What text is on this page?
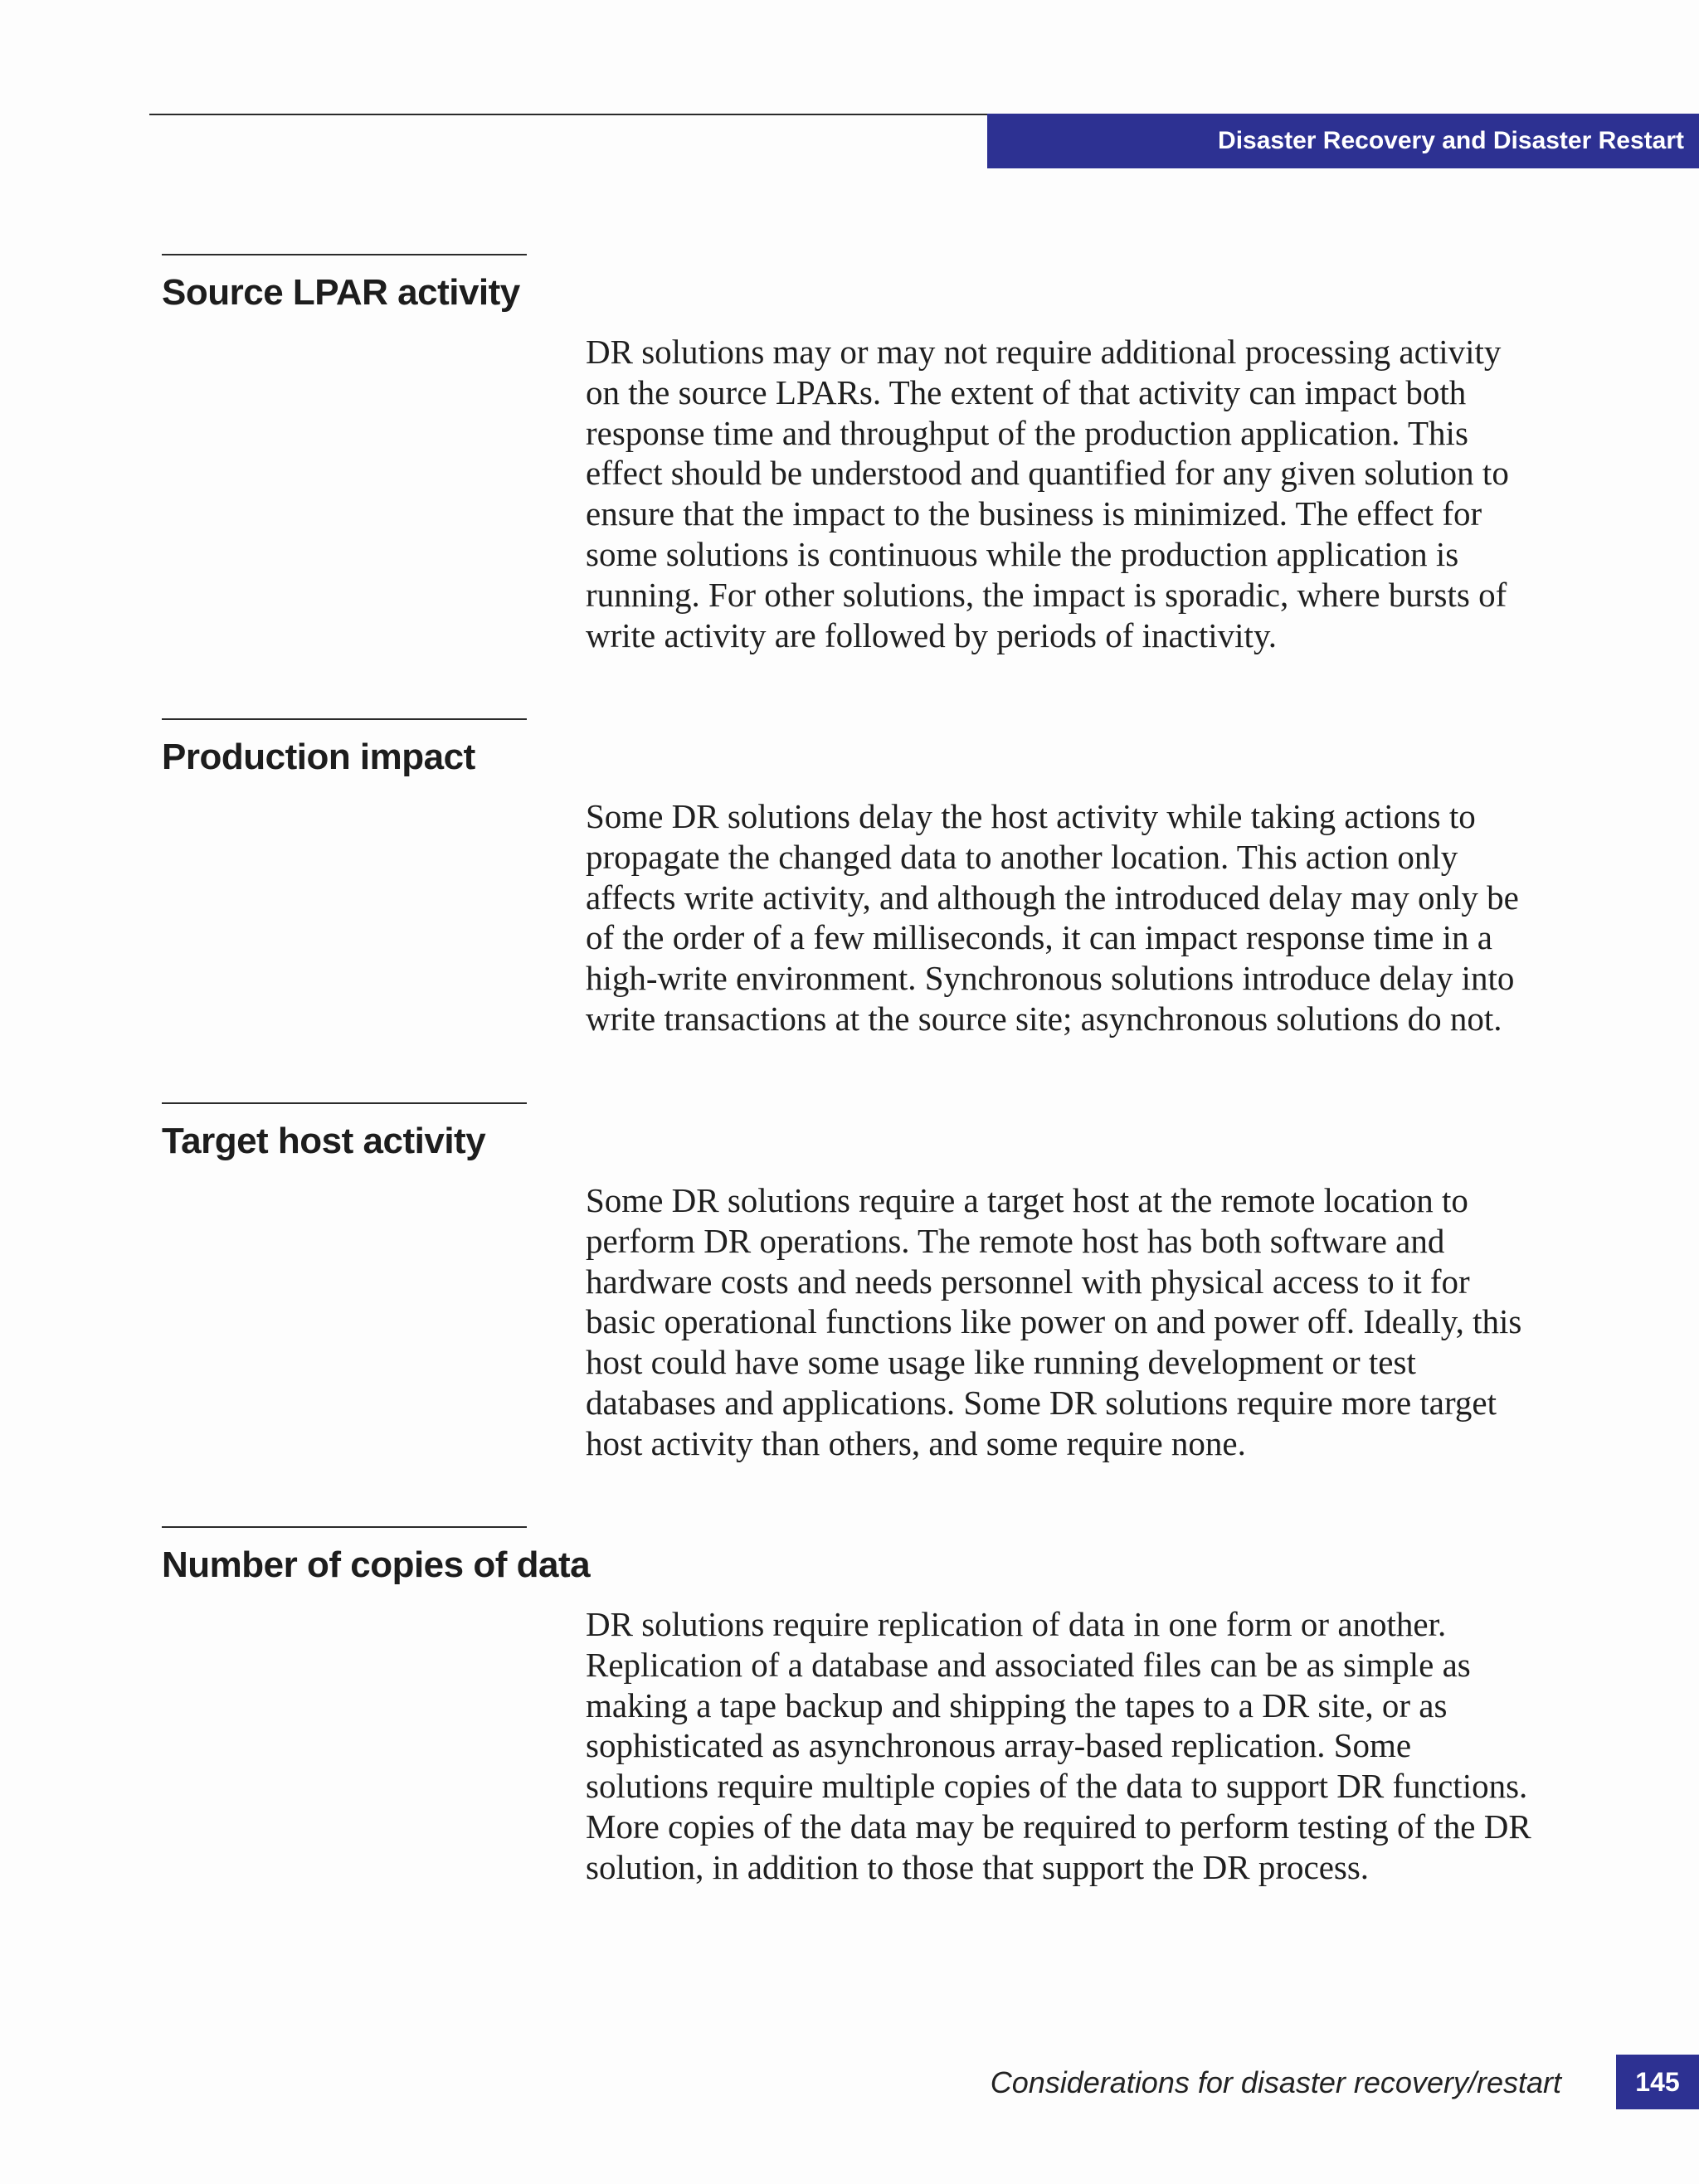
Disaster Recovery and Disaster Restart
Source LPAR activity

DR solutions may or may not require additional processing activity
on the source LPARs. The extent of that activity can impact both
response time and throughput of the production application. This
effect should be understood and quantified for any given solution to
ensure that the impact to the business is minimized. The effect for
some solutions is continuous while the production application is
running. For other solutions, the impact is sporadic, where bursts of
write activity are followed by periods of inactivity.

Production impact

Some DR solutions delay the host activity while taking actions to
propagate the changed data to another location. This action only
affects write activity, and although the introduced delay may only be
of the order of a few milliseconds, it can impact response time in a
high-write environment. Synchronous solutions introduce delay into
write transactions at the source site; asynchronous solutions do not.

Target host activity

Some DR solutions require a target host at the remote location to
perform DR operations. The remote host has both software and
hardware costs and needs personnel with physical access to it for
basic operational functions like power on and power off. Ideally, this
host could have some usage like running development or test
databases and applications. Some DR solutions require more target
host activity than others, and some require none.

Number of copies of data

DR solutions require replication of data in one form or another.
Replication of a database and associated files can be as simple as
making a tape backup and shipping the tapes to a DR site, or as
sophisticated as asynchronous array-based replication. Some
solutions require multiple copies of the data to support DR functions.
More copies of the data may be required to perform testing of the DR
solution, in addition to those that support the DR process.

Considerations for disaster recovery/restart	145
